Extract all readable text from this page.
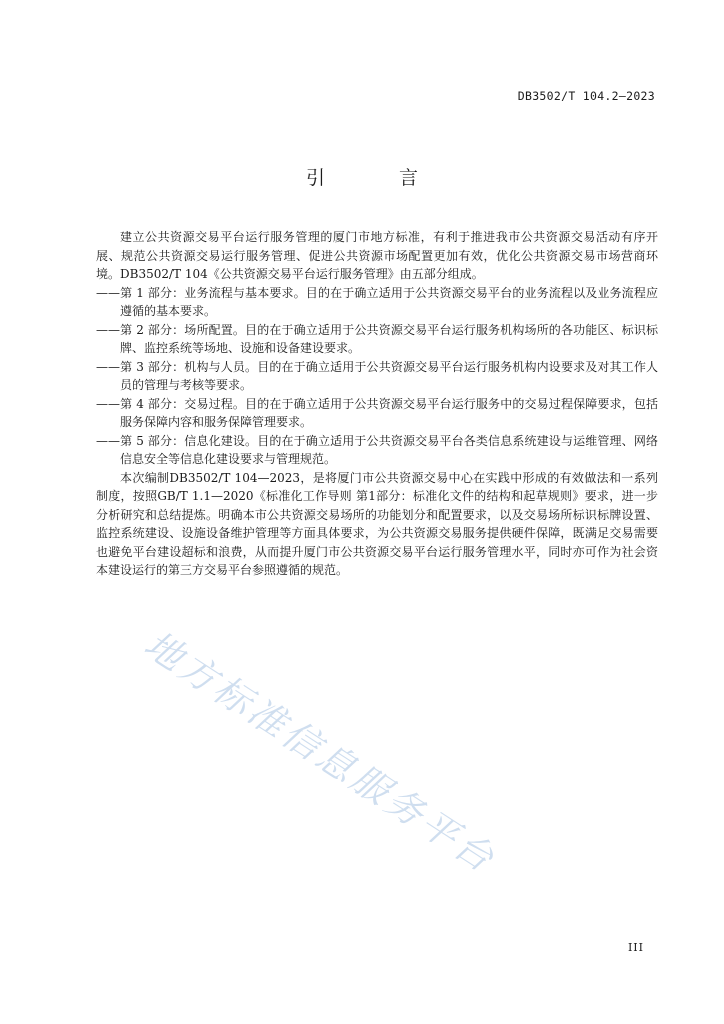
DB3502/T 104.2—2023
引 言

建立公共资源交易平台运行服务管理的厦门市地方标准，有利于推进我市公共资源交易活动有序开展、规范公共资源交易运行服务管理、促进公共资源市场配置更加有效，优化公共资源交易市场营商环境。DB3502/T 104《公共资源交易平台运行服务管理》由五部分组成。

——第 1 部分：业务流程与基本要求。目的在于确立适用于公共资源交易平台的业务流程以及业务流程应遵循的基本要求。

——第 2 部分：场所配置。目的在于确立适用于公共资源交易平台运行服务机构场所的各功能区、标识标牌、监控系统等场地、设施和设备建设要求。

——第 3 部分：机构与人员。目的在于确立适用于公共资源交易平台运行服务机构内设要求及对其工作人员的管理与考核等要求。

——第 4 部分：交易过程。目的在于确立适用于公共资源交易平台运行服务中的交易过程保障要求，包括服务保障内容和服务保障管理要求。

——第 5 部分：信息化建设。目的在于确立适用于公共资源交易平台各类信息系统建设与运维管理、网络信息安全等信息化建设要求与管理规范。

本次编制DB3502/T 104—2023，是将厦门市公共资源交易中心在实践中形成的有效做法和一系列制度，按照GB/T 1.1—2020《标准化工作导则 第1部分：标准化文件的结构和起草规则》要求，进一步分析研究和总结提炼。明确本市公共资源交易场所的功能划分和配置要求，以及交易场所标识标牌设置、监控系统建设、设施设备维护管理等方面具体要求，为公共资源交易服务提供硬件保障，既满足交易需要也避免平台建设超标和浪费，从而提升厦门市公共资源交易平台运行服务管理水平，同时亦可作为社会资本建设运行的第三方交易平台参照遵循的规范。

地方标准信息服务平台
III
